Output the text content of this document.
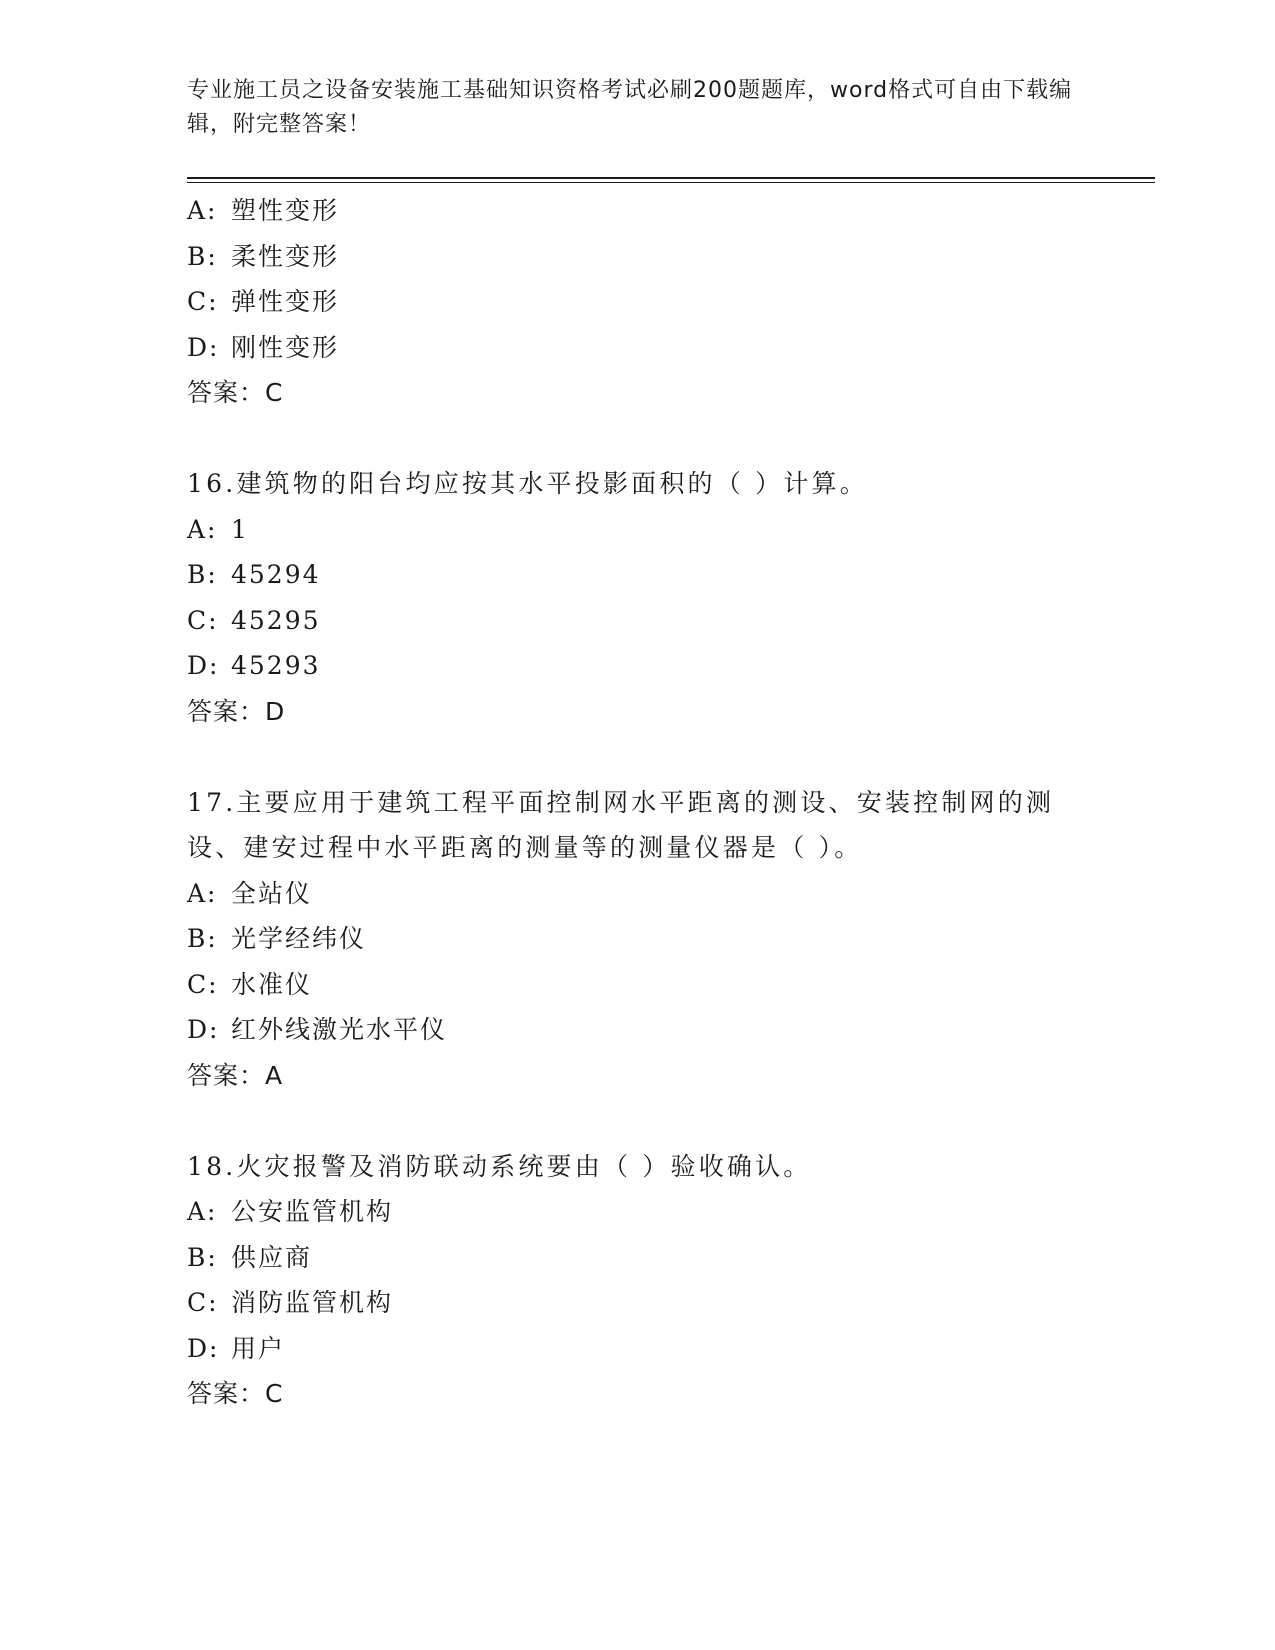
专业施工员之设备安装施工基础知识资格考试必刷200题题库，word格式可自由下载编辑，附完整答案！
A: 塑性变形
B: 柔性变形
C: 弹性变形
D: 刚性变形
答案：C
16.建筑物的阳台均应按其水平投影面积的（ ）计算。
A: 1
B: 45294
C: 45295
D: 45293
答案：D
17.主要应用于建筑工程平面控制网水平距离的测设、安装控制网的测设、建安过程中水平距离的测量等的测量仪器是（ ）。
A: 全站仪
B: 光学经纬仪
C: 水准仪
D: 红外线激光水平仪
答案：A
18.火灾报警及消防联动系统要由（ ）验收确认。
A: 公安监管机构
B: 供应商
C: 消防监管机构
D: 用户
答案：C
